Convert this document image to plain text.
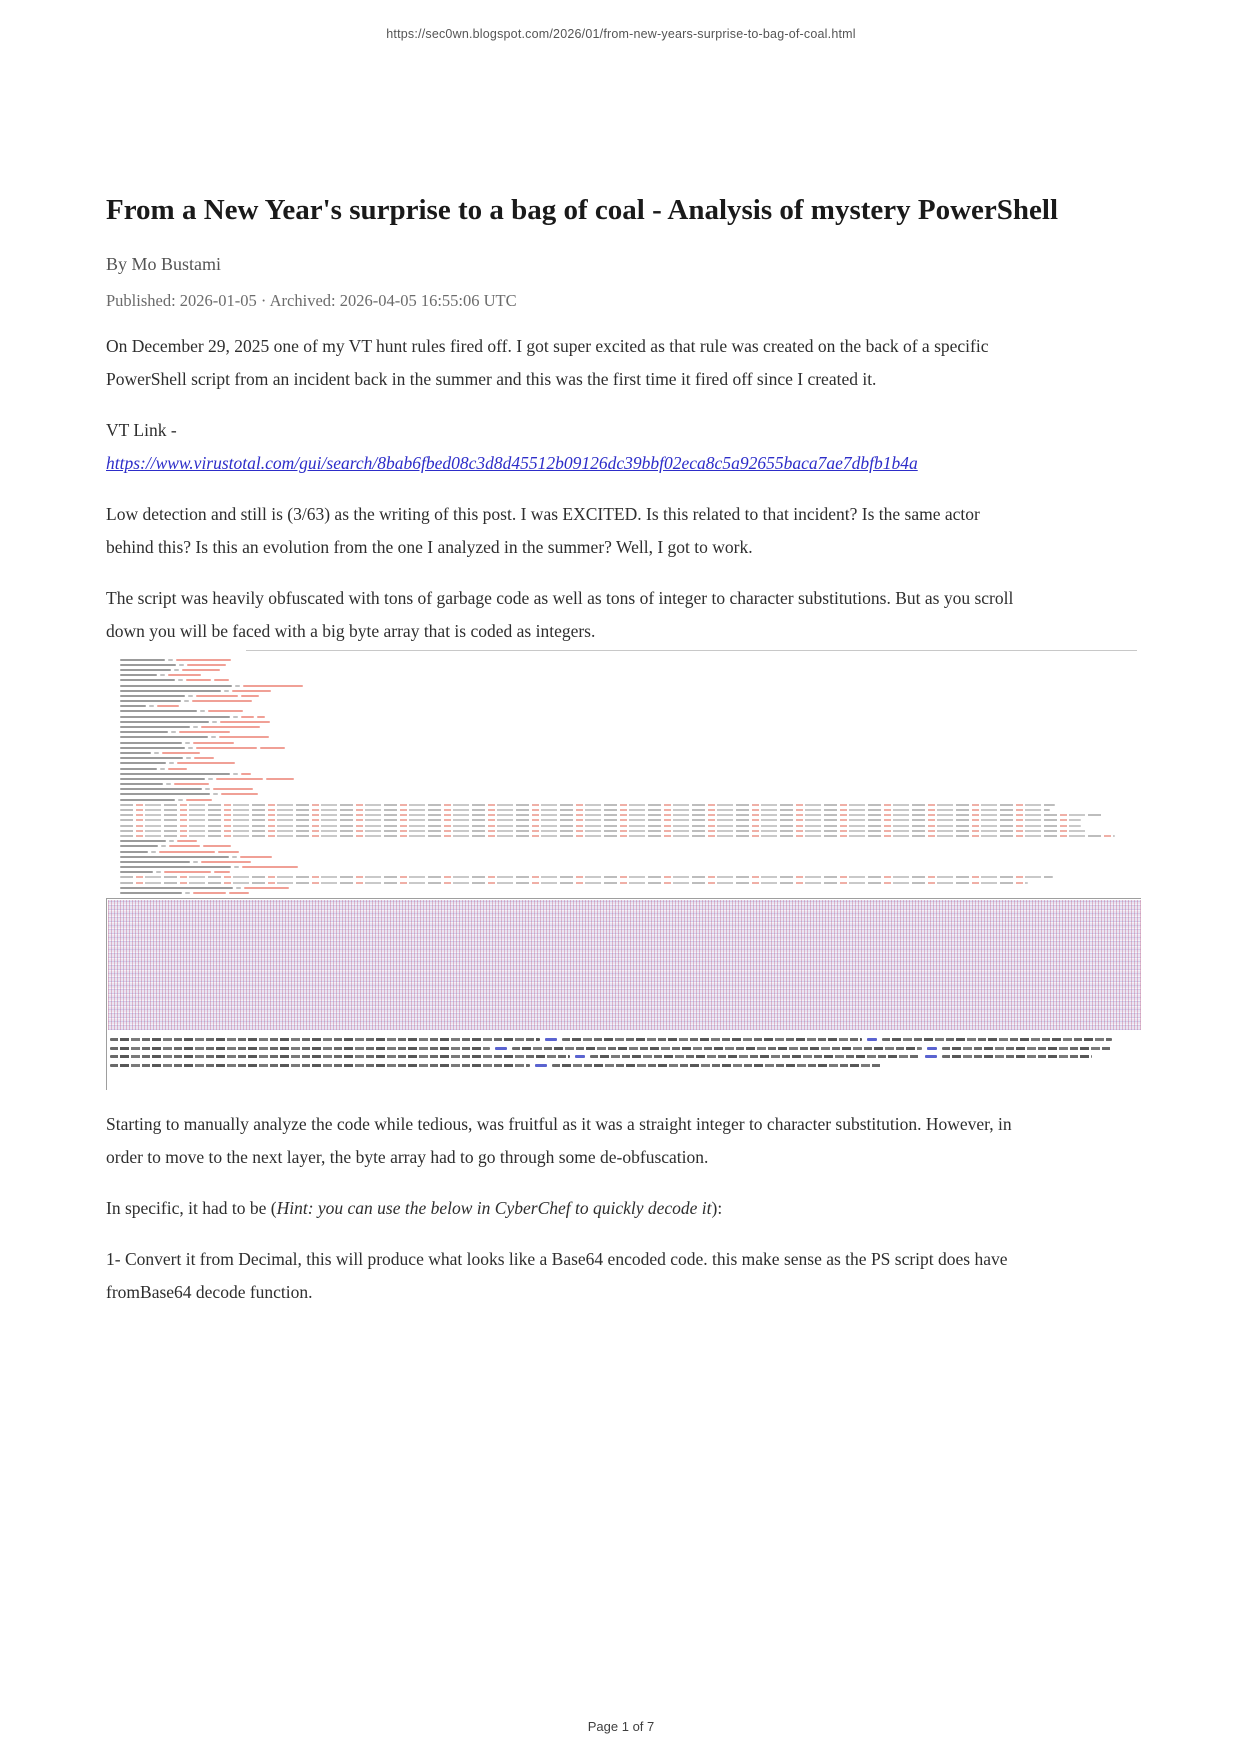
https://sec0wn.blogspot.com/2026/01/from-new-years-surprise-to-bag-of-coal.html
From a New Year's surprise to a bag of coal - Analysis of mystery PowerShell

By Mo Bustami

Published: 2026-01-05 · Archived: 2026-04-05 16:55:06 UTC

On December 29, 2025 one of my VT hunt rules fired off. I got super excited as that rule was created on the back of a specific PowerShell script from an incident back in the summer and this was the first time it fired off since I created it.

VT Link -
https://www.virustotal.com/gui/search/8bab6fbed08c3d8d45512b09126dc39bbf02eca8c5a92655baca7ae7dbfb1b4a

Low detection and still is (3/63) as the writing of this post. I was EXCITED. Is this related to that incident? Is the same actor behind this? Is this an evolution from the one I analyzed in the summer? Well, I got to work.

The script was heavily obfuscated with tons of garbage code as well as tons of integer to character substitutions. But as you scroll down you will be faced with a big byte array that is coded as integers.

Starting to manually analyze the code while tedious, was fruitful as it was a straight integer to character substitution. However, in order to move to the next layer, the byte array had to go through some de-obfuscation.

In specific, it had to be (Hint: you can use the below in CyberChef to quickly decode it):

1- Convert it from Decimal, this will produce what looks like a Base64 encoded code. this make sense as the PS script does have fromBase64 decode function.

Page 1 of 7
